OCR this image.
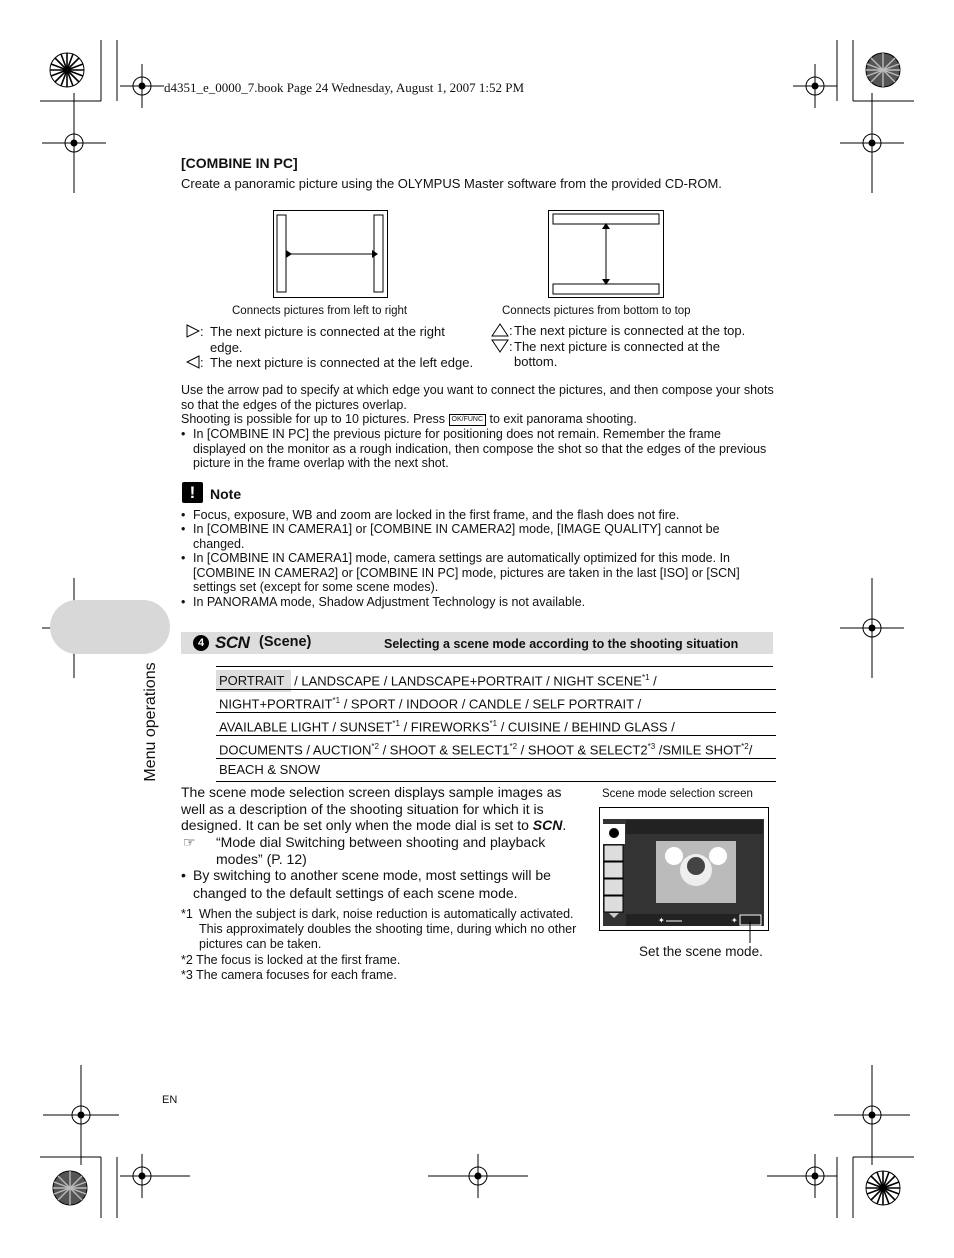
d4351_e_0000_7.book Page 24 Wednesday, August 1, 2007 1:52 PM
[COMBINE IN PC]
Create a panoramic picture using the OLYMPUS Master software from the provided CD-ROM.
Connects pictures from left to right	Connects pictures from bottom to top
: The next picture is connected at the right
edge.
: The next picture is connected at the left edge.
: The next picture is connected at the top.
: The next picture is connected at the
bottom.
Use the arrow pad to specify at which edge you want to connect the pictures, and then compose your shots so that the edges of the pictures overlap.
Shooting is possible for up to 10 pictures. Press OK/FUNC to exit panorama shooting.
• In [COMBINE IN PC] the previous picture for positioning does not remain. Remember the frame displayed on the monitor as a rough indication, then compose the shot so that the edges of the previous picture in the frame overlap with the next shot.
!	Note
• Focus, exposure, WB and zoom are locked in the first frame, and the flash does not fire.
• In [COMBINE IN CAMERA1] or [COMBINE IN CAMERA2] mode, [IMAGE QUALITY] cannot be changed.
• In [COMBINE IN CAMERA1] mode, camera settings are automatically optimized for this mode. In [COMBINE IN CAMERA2] or [COMBINE IN PC] mode, pictures are taken in the last [ISO] or [SCN] settings set (except for some scene modes).
• In PANORAMA mode, Shadow Adjustment Technology is not available.
Menu operations
4 SCN (Scene)	Selecting a scene mode according to the shooting situation
PORTRAIT / LANDSCAPE / LANDSCAPE+PORTRAIT / NIGHT SCENE$^{*1}$ /
$NIGHT+PORTRAIT^{*1}$ / SPORT / INDOOR / CANDLE / SELF PORTRAIT /
AVAILABLE LIGHT / SUNSET$^{*1}$ / FIREWORKS$^{*1}$ / CUISINE / BEHIND GLASS /
DOCUMENTS / AUCTION$^{*2}$ / SHOOT & SELECT1$^{*2}$ / SHOOT & SELECT2$^{*3}$ /SMILE SHOT$^{*2}$/
BEACH & SNOW
The scene mode selection screen displays sample images as
well as a description of the shooting situation for which it is
designed. It can be set only when the mode dial is set to SCN.
☞ “Mode dial Switching between shooting and playback
modes” (P. 12)
• By switching to another scene mode, most settings will be
changed to the default settings of each scene mode.
*1 When the subject is dark, noise reduction is automatically activated. This approximately doubles the shooting time, during which no other pictures can be taken.
*2 The focus is locked at the first frame.
*3 The camera focuses for each frame.
Scene mode selection screen
✦	✦
Set the scene mode.
EN
